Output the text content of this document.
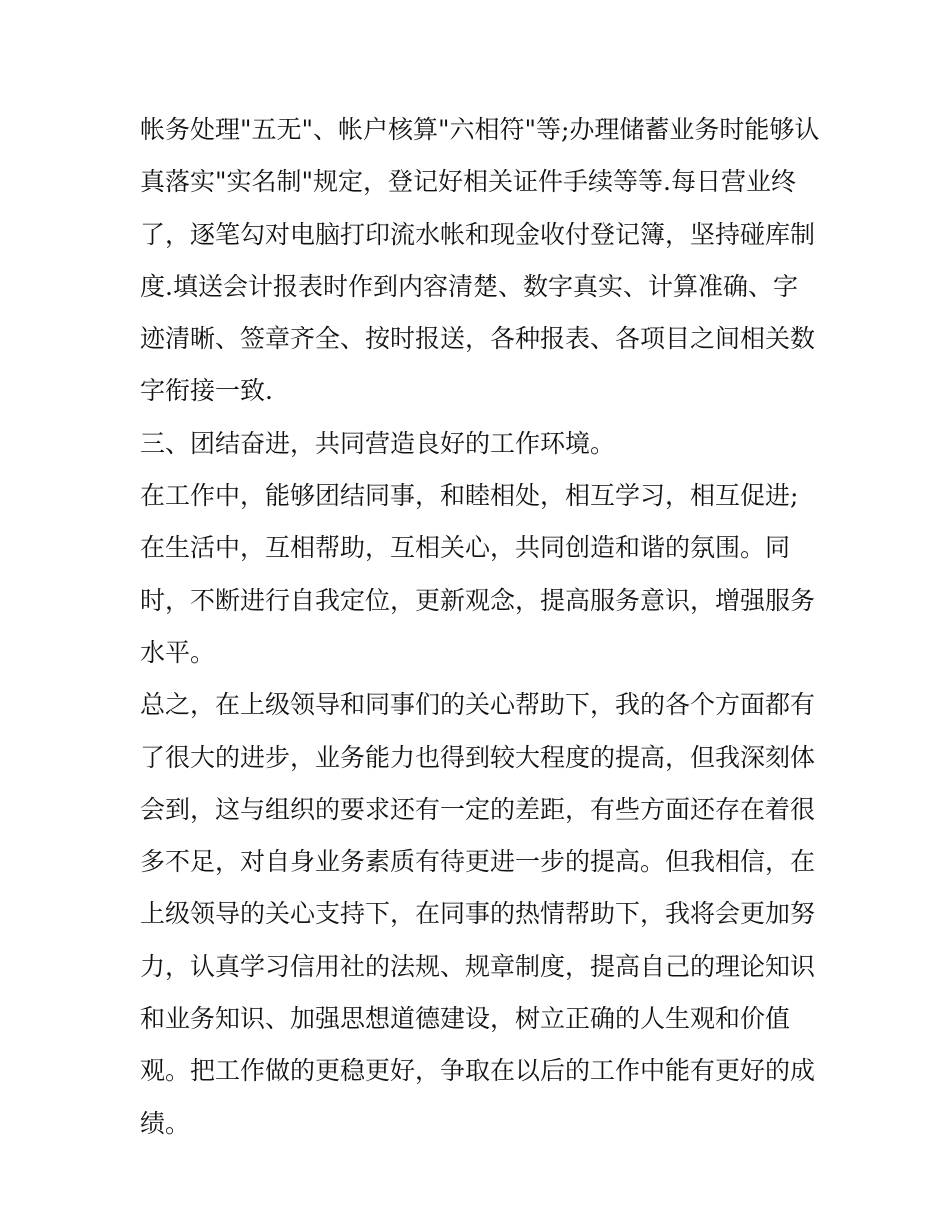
帐务处理"五无"、帐户核算"六相符"等;办理储蓄业务时能够认
真落实"实名制"规定，登记好相关证件手续等等.每日营业终
了，逐笔勾对电脑打印流水帐和现金收付登记簿，坚持碰库制
度.填送会计报表时作到内容清楚、数字真实、计算准确、字
迹清晰、签章齐全、按时报送，各种报表、各项目之间相关数
字衔接一致.
三、团结奋进，共同营造良好的工作环境。
在工作中，能够团结同事，和睦相处，相互学习，相互促进;
在生活中，互相帮助，互相关心，共同创造和谐的氛围。同
时，不断进行自我定位，更新观念，提高服务意识，增强服务
水平。
总之，在上级领导和同事们的关心帮助下，我的各个方面都有
了很大的进步，业务能力也得到较大程度的提高，但我深刻体
会到，这与组织的要求还有一定的差距，有些方面还存在着很
多不足，对自身业务素质有待更进一步的提高。但我相信，在
上级领导的关心支持下，在同事的热情帮助下，我将会更加努
力，认真学习信用社的法规、规章制度，提高自己的理论知识
和业务知识、加强思想道德建设，树立正确的人生观和价值
观。把工作做的更稳更好，争取在以后的工作中能有更好的成
绩。
